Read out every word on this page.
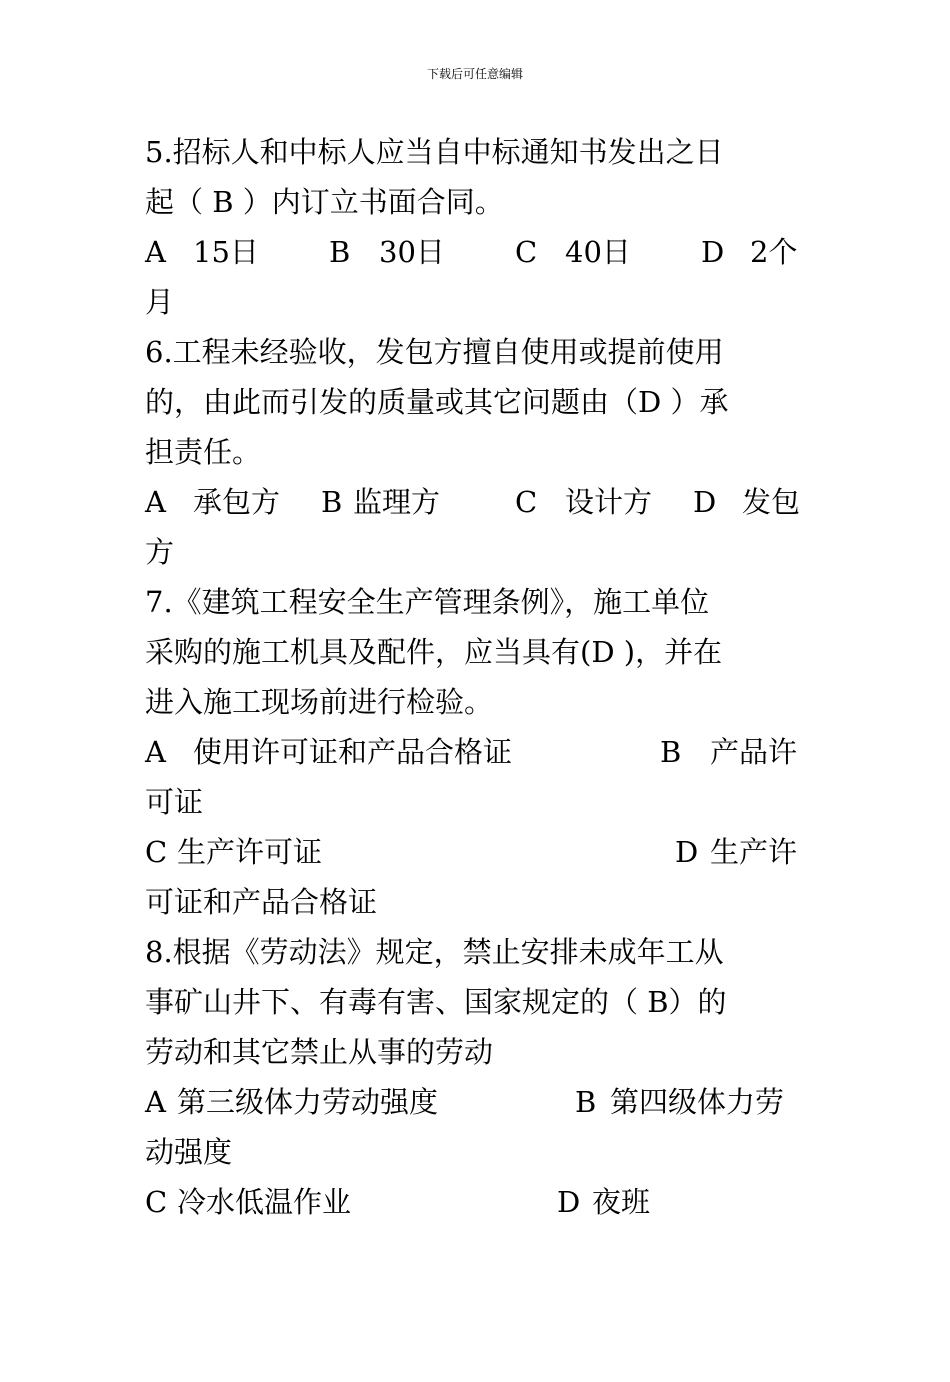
下载后可任意编辑
5.招标人和中标人应当自中标通知书发出之日
起（ B ）内订立书面合同。

A

15日

B

30日

C

40日

D

2个

月
6.工程未经验收，发包方擅自使用或提前使用
的，由此而引发的质量或其它问题由（D ）承
担责任。

A

承包方

B

监理方

	C

设计方

D

发包

方
7.《建筑工程安全生产管理条例》，施工单位
采购的施工机具及配件，应当具有(D )，并在
进入施工现场前进行检验。

A

使用许可证和产品合格证

	B

产品许

可证

C

生产许可证

	D

生产许

可证和产品合格证
8.根据《劳动法》规定，禁止安排未成年工从
事矿山井下、有毒有害、国家规定的（ B）的
劳动和其它禁止从事的劳动

A

第三级体力劳动强度

	B

第四级体力劳

动强度

C

冷水低温作业

	D

夜班
